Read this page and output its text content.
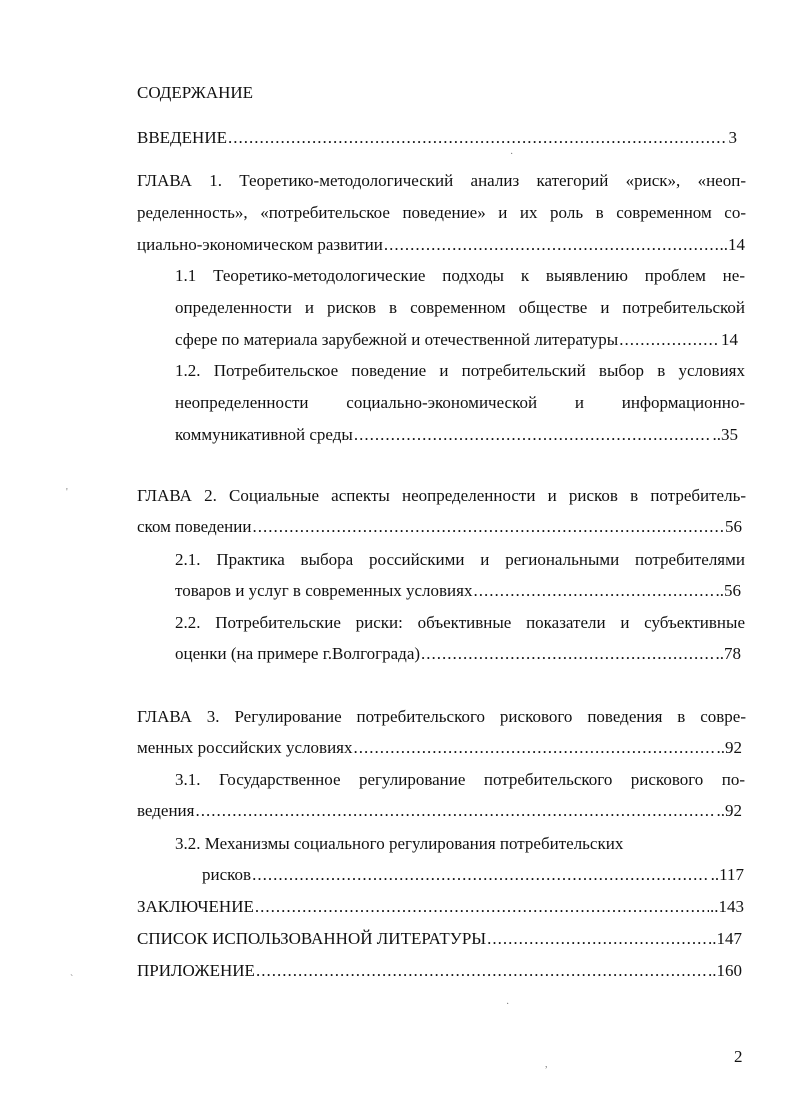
СОДЕРЖАНИЕ
ВВЕДЕНИЕ .....	3
ГЛАВА 1. Теоретико-методологический анализ категорий «риск», «неоп-
ределенность», «потребительское поведение» и их роль в современном со-
циально-экономическом развитии .....	..14
1.1 Теоретико-методологические подходы к выявлению проблем не-
определенности и рисков в современном обществе и потребительской
сфере по материала зарубежной и отечественной литературы .....	14
1.2. Потребительское поведение и потребительский выбор в условиях
неопределенности социально-экономической и информационно-
коммуникативной среды .....	..35
ГЛАВА 2. Социальные аспекты неопределенности и рисков в потребитель-
ском поведении .....	56
2.1. Практика выбора российскими и региональными потребителями
товаров и услуг в современных условиях .....	..56
2.2. Потребительские риски: объективные показатели и субъективные
оценки (на примере г.Волгограда) .....	..78
ГЛАВА 3. Регулирование потребительского рискового поведения в совре-
менных российских условиях .....	..92
3.1. Государственное регулирование потребительского рискового по-
ведения .....	..92
3.2. Механизмы социального регулирования потребительских
рисков .....	..117
ЗАКЛЮЧЕНИЕ .....	..143
СПИСОК ИСПОЛЬЗОВАННОЙ ЛИТЕРАТУРЫ .....	..147
ПРИЛОЖЕНИЕ .....	..160
2
·
'
`
·
,
